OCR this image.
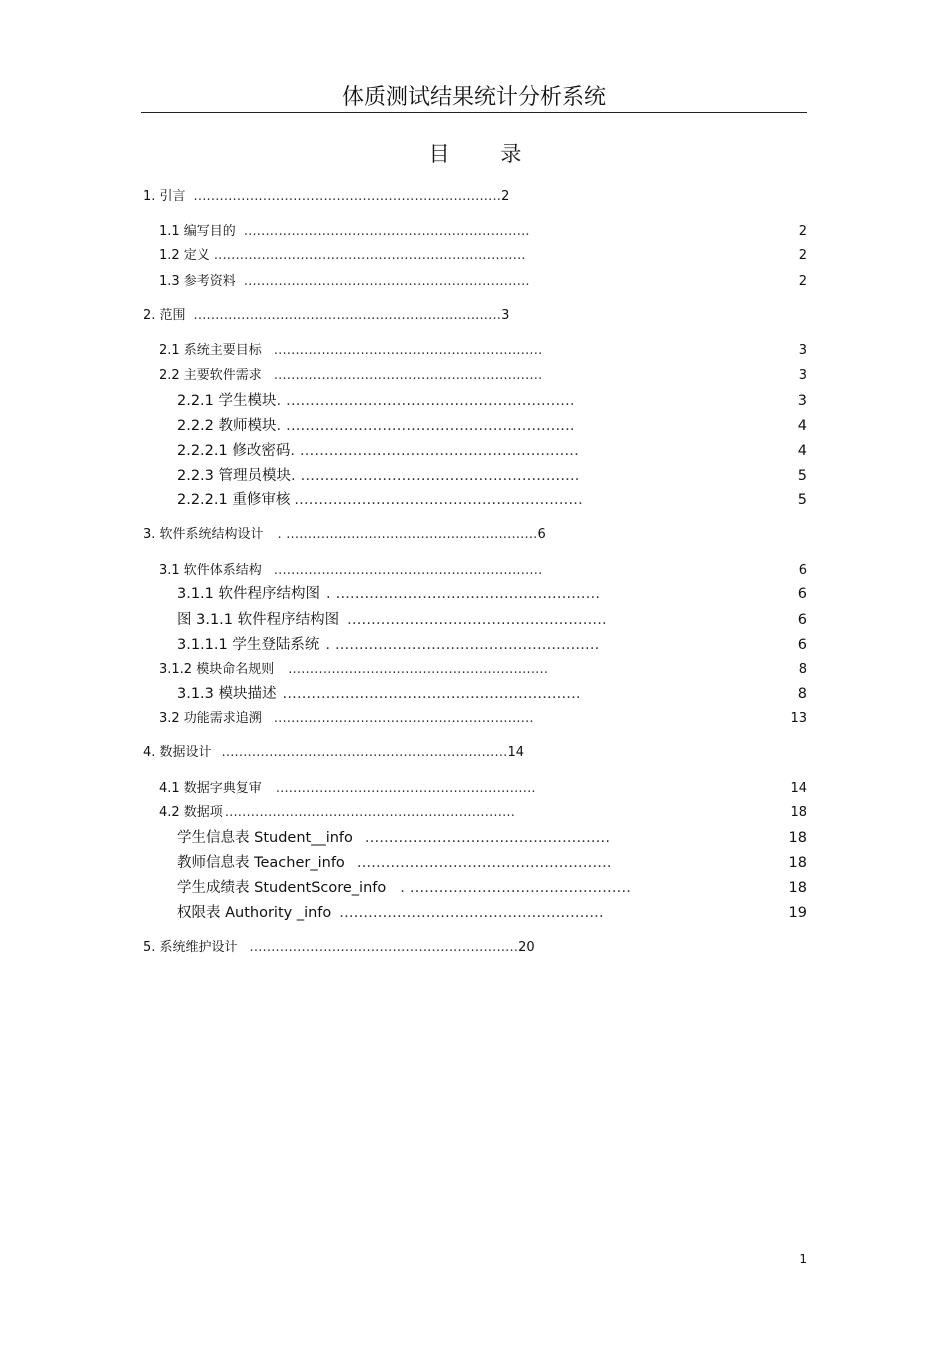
体质测试结果统计分析系统
目 录
1. 引言.......................................................................2
1.1 编写目的..................................................................	2
1.2 定义........................................................................	2
1.3 参考资料..................................................................	2
2. 范围.......................................................................3
2.1 系统主要目标..............................................................	3
2.2 主要软件需求..............................................................	3
2.2.1 学生模块. ............................................................	3
2.2.2 教师模块. ............................................................	4
2.2.2.1 修改密码. ..........................................................	4
2.2.3 管理员模块. ..........................................................	5
2.2.2.1 重修审核............................................................	5
3. 软件系统结构设计. ..........................................................6
3.1 软件体系结构..............................................................	6
3.1.1 软件程序结构图. .......................................................	6
图 3.1.1 软件程序结构图......................................................	6
3.1.1.1 学生登陆系统. .......................................................	6
3.1.2 模块命名规则............................................................	8
3.1.3 模块描述..............................................................	8
3.2 功能需求追溯............................................................	13
4. 数据设计..................................................................14
4.1 数据字典复审............................................................	14
4.2 数据项...................................................................	18
学生信息表 Student__info...................................................	18
教师信息表 Teacher_info.....................................................	18
学生成绩表 StudentScore_info. ..............................................	18
权限表 Authority _info.......................................................	19
5. 系统维护设计..............................................................20
1
